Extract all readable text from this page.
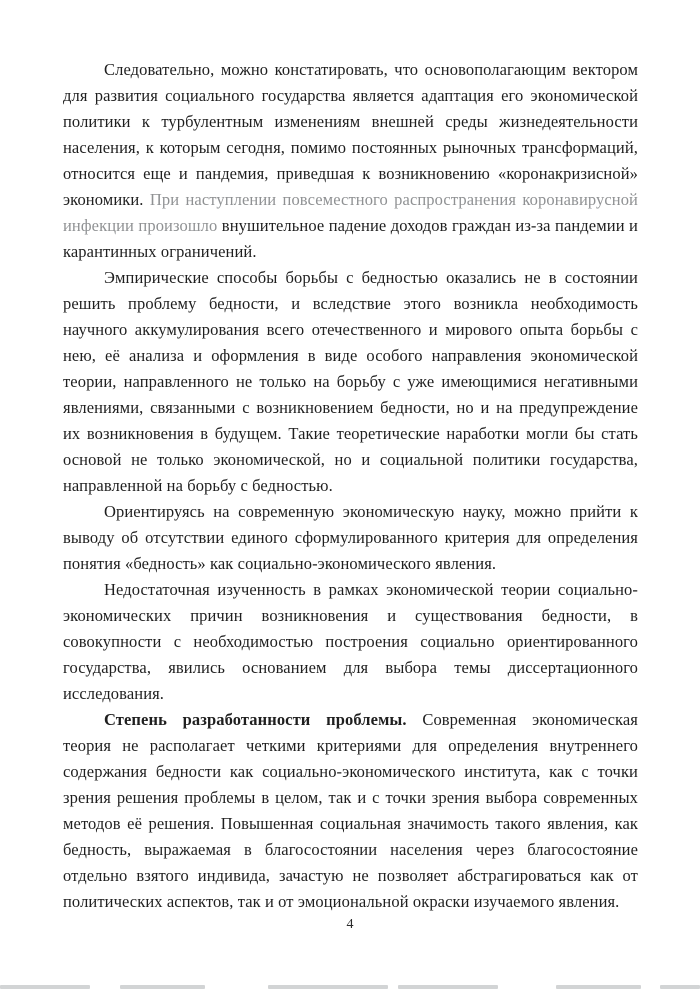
Следовательно, можно констатировать, что основополагающим вектором для развития социального государства является адаптация его экономической политики к турбулентным изменениям внешней среды жизнедеятельности населения, к которым сегодня, помимо постоянных рыночных трансформаций, относится еще и пандемия, приведшая к возникновению «коронакризисной» экономики. При наступлении повсеместного распространения коронавирусной инфекции произошло внушительное падение доходов граждан из-за пандемии и карантинных ограничений.

Эмпирические способы борьбы с бедностью оказались не в состоянии решить проблему бедности, и вследствие этого возникла необходимость научного аккумулирования всего отечественного и мирового опыта борьбы с нею, её анализа и оформления в виде особого направления экономической теории, направленного не только на борьбу с уже имеющимися негативными явлениями, связанными с возникновением бедности, но и на предупреждение их возникновения в будущем. Такие теоретические наработки могли бы стать основой не только экономической, но и социальной политики государства, направленной на борьбу с бедностью.

Ориентируясь на современную экономическую науку, можно прийти к выводу об отсутствии единого сформулированного критерия для определения понятия «бедность» как социально-экономического явления.

Недостаточная изученность в рамках экономической теории социально-экономических причин возникновения и существования бедности, в совокупности с необходимостью построения социально ориентированного государства, явились основанием для выбора темы диссертационного исследования.

Степень разработанности проблемы. Современная экономическая теория не располагает четкими критериями для определения внутреннего содержания бедности как социально-экономического института, как с точки зрения решения проблемы в целом, так и с точки зрения выбора современных методов её решения. Повышенная социальная значимость такого явления, как бедность, выражаемая в благосостоянии населения через благосостояние отдельно взятого индивида, зачастую не позволяет абстрагироваться как от политических аспектов, так и от эмоциональной окраски изучаемого явления.

4
